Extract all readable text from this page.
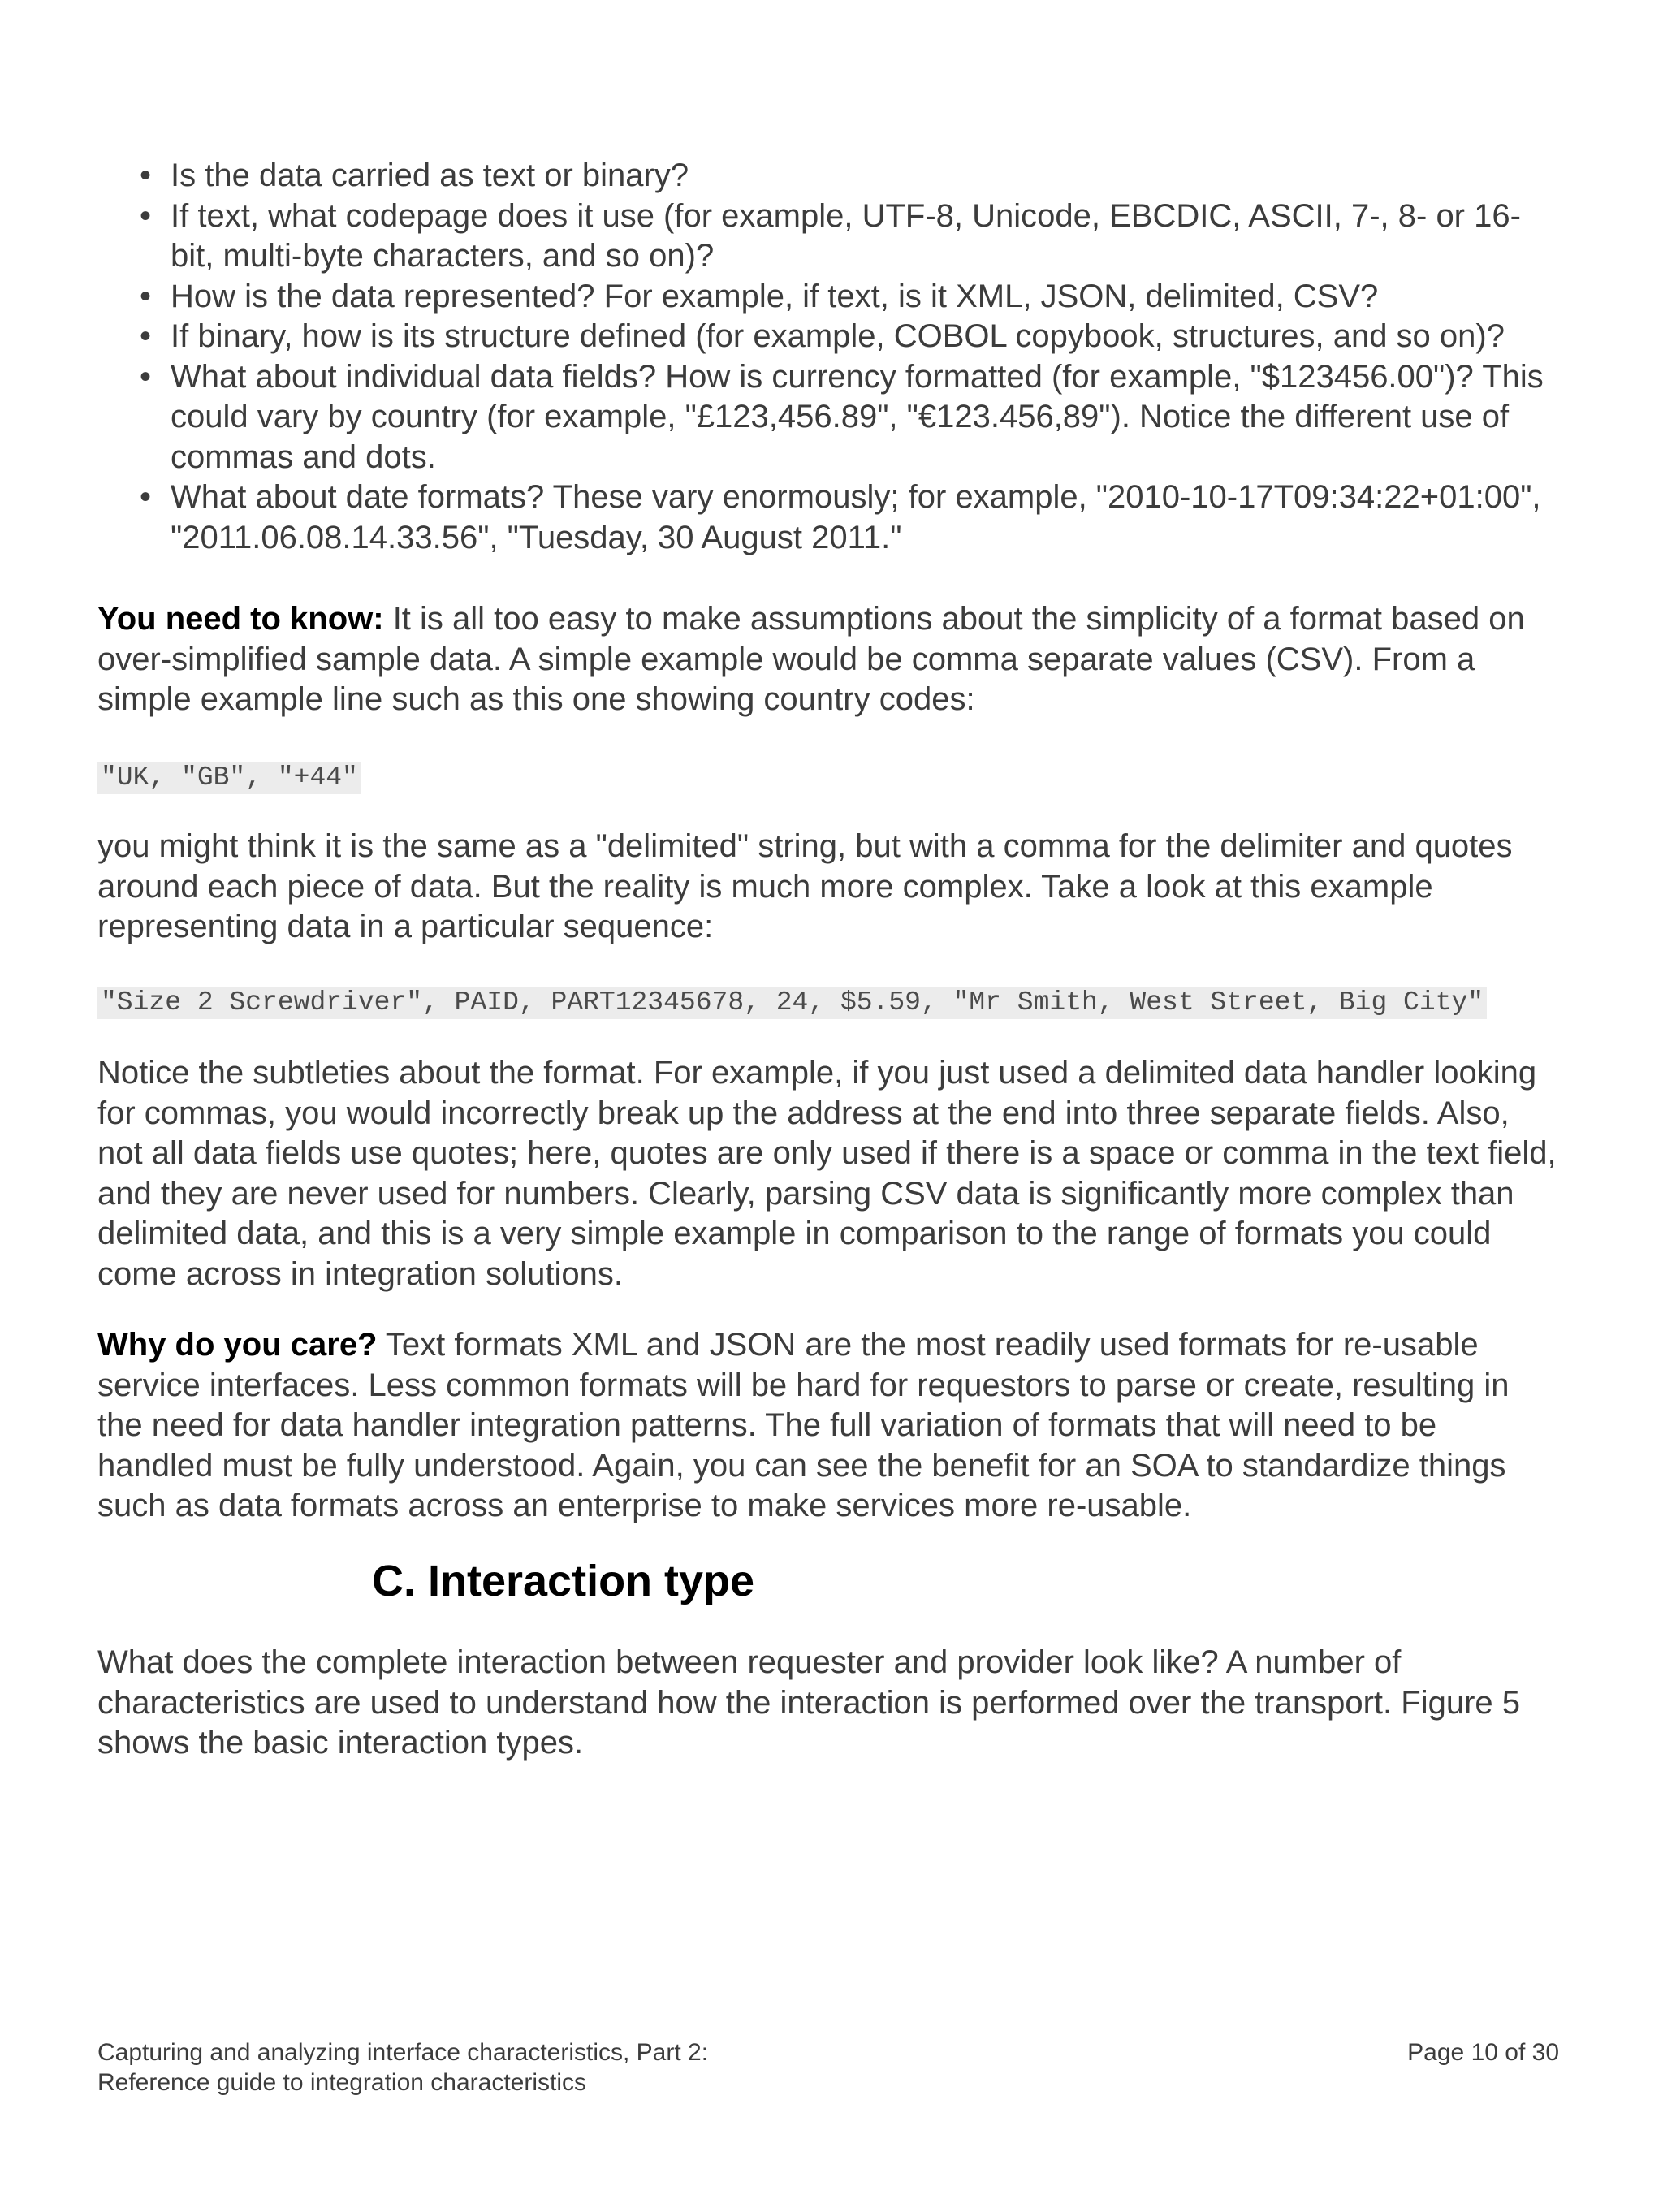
• Is the data carried as text or binary?
• If text, what codepage does it use (for example, UTF-8, Unicode, EBCDIC, ASCII, 7-, 8- or 16-bit, multi-byte characters, and so on)?
• How is the data represented? For example, if text, is it XML, JSON, delimited, CSV?
• If binary, how is its structure defined (for example, COBOL copybook, structures, and so on)?
• What about individual data fields? How is currency formatted (for example, "$123456.00")? This could vary by country (for example, "£123,456.89", "€123.456,89"). Notice the different use of commas and dots.
• What about date formats? These vary enormously; for example, "2010-10-17T09:34:22+01:00", "2011.06.08.14.33.56", "Tuesday, 30 August 2011."

You need to know: It is all too easy to make assumptions about the simplicity of a format based on over-simplified sample data. A simple example would be comma separate values (CSV). From a simple example line such as this one showing country codes:

"UK, "GB", "+44"

you might think it is the same as a "delimited" string, but with a comma for the delimiter and quotes around each piece of data. But the reality is much more complex. Take a look at this example representing data in a particular sequence:

"Size 2 Screwdriver", PAID, PART12345678, 24, $5.59, "Mr Smith, West Street, Big City"

Notice the subtleties about the format. For example, if you just used a delimited data handler looking for commas, you would incorrectly break up the address at the end into three separate fields. Also, not all data fields use quotes; here, quotes are only used if there is a space or comma in the text field, and they are never used for numbers. Clearly, parsing CSV data is significantly more complex than delimited data, and this is a very simple example in comparison to the range of formats you could come across in integration solutions.

Why do you care? Text formats XML and JSON are the most readily used formats for re-usable service interfaces. Less common formats will be hard for requestors to parse or create, resulting in the need for data handler integration patterns. The full variation of formats that will need to be handled must be fully understood. Again, you can see the benefit for an SOA to standardize things such as data formats across an enterprise to make services more re-usable.

C. Interaction type

What does the complete interaction between requester and provider look like? A number of characteristics are used to understand how the interaction is performed over the transport. Figure 5 shows the basic interaction types.

Capturing and analyzing interface characteristics, Part 2:
Reference guide to integration characteristics
Page 10 of 30
